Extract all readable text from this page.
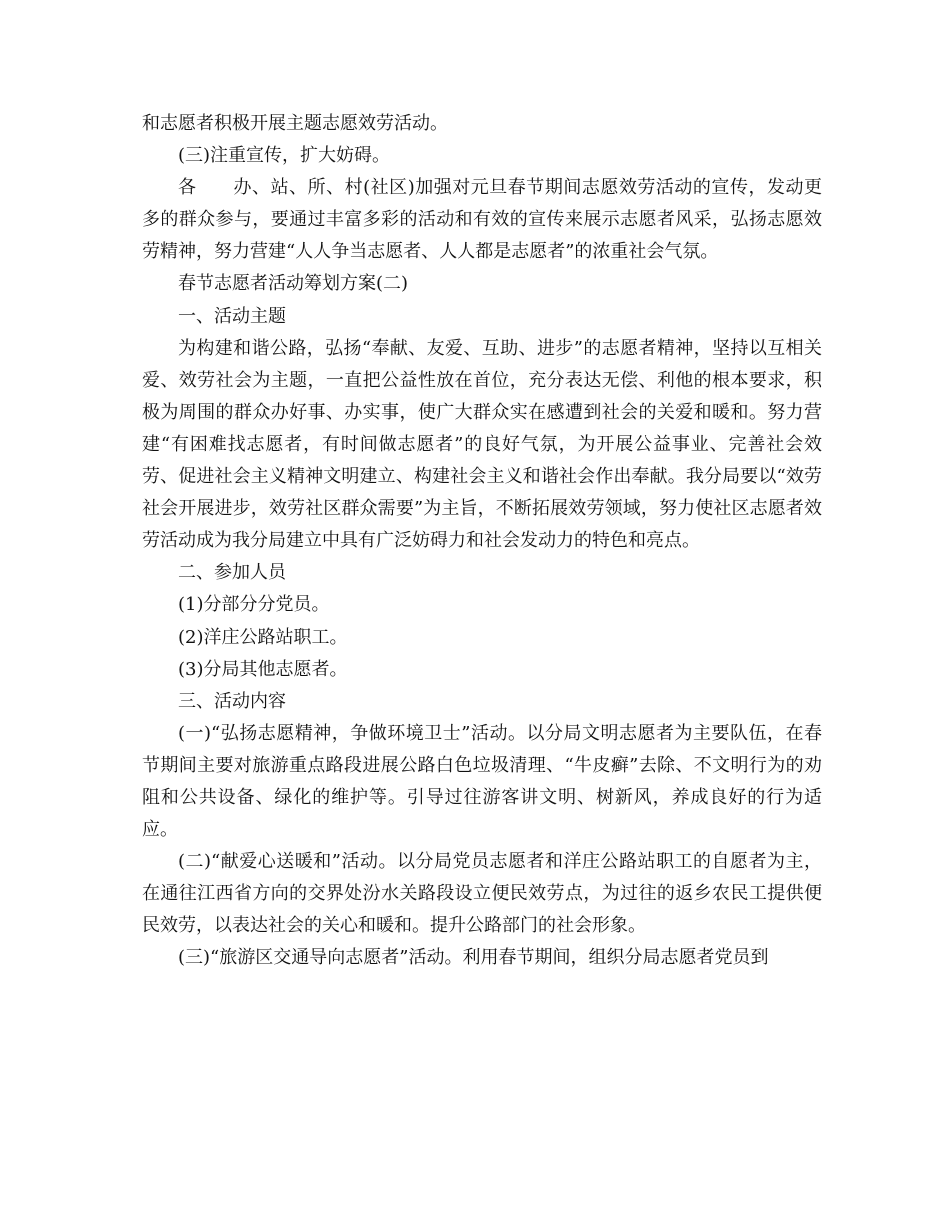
和志愿者积极开展主题志愿效劳活动。

(三)注重宣传，扩大妨碍。

各　　办、站、所、村(社区)加强对元旦春节期间志愿效劳活动的宣传，发动更多的群众参与，要通过丰富多彩的活动和有效的宣传来展示志愿者风采，弘扬志愿效劳精神，努力营建“人人争当志愿者、人人都是志愿者”的浓重社会气氛。

春节志愿者活动筹划方案(二)

一、活动主题

为构建和谐公路，弘扬“奉献、友爱、互助、进步”的志愿者精神，坚持以互相关爱、效劳社会为主题，一直把公益性放在首位，充分表达无偿、利他的根本要求，积极为周围的群众办好事、办实事，使广大群众实在感遭到社会的关爱和暖和。努力营建“有困难找志愿者，有时间做志愿者”的良好气氛，为开展公益事业、完善社会效劳、促进社会主义精神文明建立、构建社会主义和谐社会作出奉献。我分局要以“效劳社会开展进步，效劳社区群众需要”为主旨，不断拓展效劳领域，努力使社区志愿者效劳活动成为我分局建立中具有广泛妨碍力和社会发动力的特色和亮点。

二、参加人员

(1)分部分分党员。

(2)洋庄公路站职工。

(3)分局其他志愿者。

三、活动内容

(一)“弘扬志愿精神，争做环境卫士”活动。以分局文明志愿者为主要队伍，在春节期间主要对旅游重点路段进展公路白色垃圾清理、“牛皮癣”去除、不文明行为的劝阻和公共设备、绿化的维护等。引导过往游客讲文明、树新风，养成良好的行为适应。

(二)“献爱心送暖和”活动。以分局党员志愿者和洋庄公路站职工的自愿者为主，在通往江西省方向的交界处汾水关路段设立便民效劳点，为过往的返乡农民工提供便民效劳，以表达社会的关心和暖和。提升公路部门的社会形象。

(三)“旅游区交通导向志愿者”活动。利用春节期间，组织分局志愿者党员到
